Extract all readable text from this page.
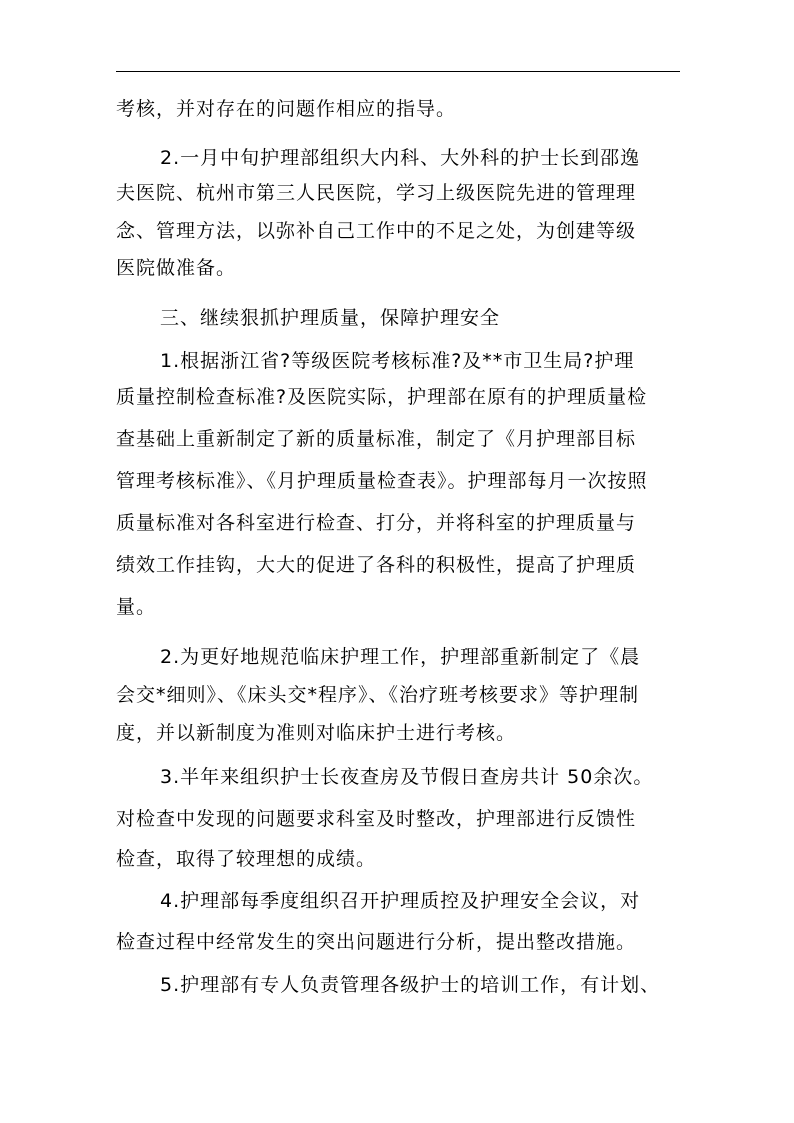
考核，并对存在的问题作相应的指导。
2.一月中旬护理部组织大内科、大外科的护士长到邵逸
夫医院、杭州市第三人民医院，学习上级医院先进的管理理
念、管理方法，以弥补自己工作中的不足之处，为创建等级
医院做准备。
三、继续狠抓护理质量，保障护理安全
1.根据浙江省?等级医院考核标准?及**市卫生局?护理
质量控制检查标准?及医院实际，护理部在原有的护理质量检
查基础上重新制定了新的质量标准，制定了《月护理部目标
管理考核标准》、《月护理质量检查表》。护理部每月一次按照
质量标准对各科室进行检查、打分，并将科室的护理质量与
绩效工作挂钩，大大的促进了各科的积极性，提高了护理质
量。
2.为更好地规范临床护理工作，护理部重新制定了《晨
会交*细则》、《床头交*程序》、《治疗班考核要求》等护理制
度，并以新制度为准则对临床护士进行考核。
3.半年来组织护士长夜查房及节假日查房共计 50余次。
对检查中发现的问题要求科室及时整改，护理部进行反馈性
检查，取得了较理想的成绩。
4.护理部每季度组织召开护理质控及护理安全会议，对
检查过程中经常发生的突出问题进行分析，提出整改措施。
5.护理部有专人负责管理各级护士的培训工作，有计划、
